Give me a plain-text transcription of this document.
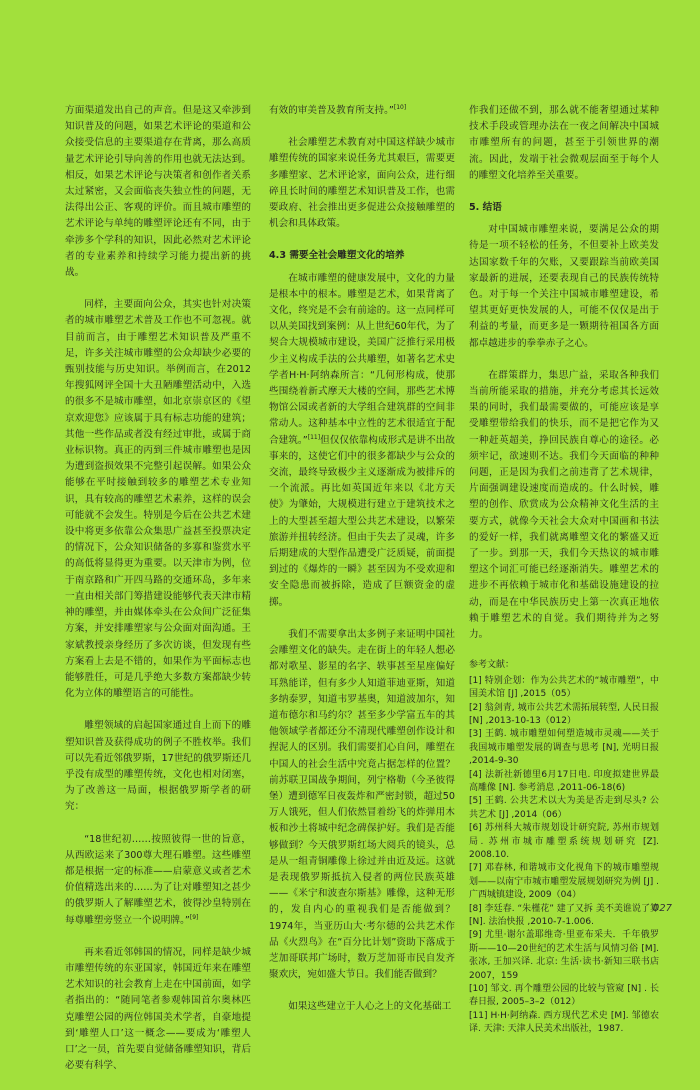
方面渠道发出自己的声音。但是这又牵涉到知识普及的问题，如果艺术评论的渠道和公众接受信息的主要渠道存在背离，那么高质量艺术评论引导向善的作用也就无法达到。相反，如果艺术评论与决策者和创作者关系太过紧密，又会面临丧失独立性的问题，无法得出公正、客观的评价。而且城市雕塑的艺术评论与单纯的雕塑评论还有不同，由于牵涉多个学科的知识，因此必然对艺术评论者的专业素养和持续学习能力提出新的挑战。

同样，主要面向公众，其实也针对决策者的城市雕塑艺术普及工作也不可忽视。就目前而言，由于雕塑艺术知识普及严重不足，许多关注城市雕塑的公众却缺少必要的甄别技能与历史知识。举例而言，在2012年搜狐网评全国十大丑陋雕塑活动中，入选的很多不是城市雕塑，如北京崇京区的《望京欢迎您》应该属于具有标志功能的建筑；其他一些作品或者没有经过审批，或属于商业标识物。真正的丙到三件城市雕塑也是因为遭到盗损效果不完整引起误解。如果公众能够在平时接触到较多的雕塑艺术专业知识，具有较高的雕塑艺术素养，这样的误会可能就不会发生。特别是今后在公共艺术建设中将更多依靠公众集思广益甚至投票决定的情况下，公众知识储备的多寡和鉴赏水平的高低将显得更为重要。以天津市为例，位于南京路和广开四马路的交通环岛，多年来一直由相关部门筹措建设能够代表天津市精神的雕塑，并由媒体牵头在公众间广泛征集方案，并安排雕塑家与公众面对面沟通。王家斌教授亲身经历了多次访谈，但发现有些方案看上去是不错的，如果作为平面标志也能够胜任，可是几乎绝大多数方案都缺少转化为立体的雕塑语言的可能性。

雕塑领域的启起国家通过自上而下的雕塑知识普及获得成功的例子不胜枚举。我们可以先看近邻俄罗斯，17世纪的俄罗斯还几乎没有成型的雕塑传统，文化也相对闭塞，为了改善这一局面，根据俄罗斯学者的研究：

“18世纪初……按照彼得一世的旨意，从西欧运来了300尊大理石雕塑。这些雕塑都是根据一定的标准——启蒙意义或者艺术价值精选出来的……为了让对雕塑知之甚少的俄罗斯人了解雕塑艺术，彼得沙皇特别在每尊雕塑旁竖立一个说明牌。”[9]

再来看近邻韩国的情况，同样是缺少城市雕塑传统的东亚国家，韩国近年来在雕塑艺术知识的社会教育上走在中国前面，如学者指出的：“随同笔者参观韩国首尔奥林匹克雕塑公园的两位韩国美术学者，自豪地提到‘雕塑人口’这一概念——要成为‘雕塑人口’之一员，首先要自觉储备雕塑知识，背后必要有科学、

有效的审美普及教育所支持。”[10]

社会雕塑艺术教育对中国这样缺少城市雕塑传统的国家来说任务尤其艰巨，需要更多雕塑家、艺术评论家，面向公众，进行细碎且长时间的雕塑艺术知识普及工作，也需要政府、社会推出更多促进公众接触雕塑的机会和具体政策。

4.3 需要全社会雕塑文化的培养

在城市雕塑的健康发展中，文化的力量是根本中的根本。雕塑是艺术，如果背离了文化，终究是不会有前途的。这一点同样可以从美国找到案例：从上世纪60年代，为了契合大规模城市建设，美国广泛推行采用极少主义构成手法的公共雕塑，如著名艺术史学者H·H·阿纳森所言：“几何形构成，使那些围绕着新式摩天大楼的空间，那些艺术博物馆公园或者新的大学组合建筑群的空间非常动人。这种基本中立性的艺术很适宜于配合建筑。”[11]但仅仅依靠构成形式是讲不出故事来的，这使它们中的很多都缺少与公众的交流，最终导致极少主义逐渐成为被排斥的一个流派。再比如英国近年来以《北方天使》为肇始，大规模进行建立于建筑技术之上的大型甚至超大型公共艺术建设，以繁荣旅游并扭转经济。但由于失去了灵魂，许多后期建成的大型作品遭受广泛质疑，前面提到过的《爆炸的一瞬》甚至因为不受欢迎和安全隐患而被拆除，造成了巨额资金的虚掷。

我们不需要拿出太多例子来证明中国社会雕塑文化的缺失。走在街上的年轻人想必都对歌星、影星的名字、轶事甚至星座偏好耳熟能详，但有多少人知道菲迪亚斯，知道多纳泰罗，知道韦罗基奥，知道波加尔，知道布德尔和马约尔？甚至多少学富五车的其他领域学者都还分不清现代雕塑创作设计和捏泥人的区别。我们需要扪心自问，雕塑在中国人的社会生活中究竟占据怎样的位置？前苏联卫国战争期间，列宁格勒（今圣彼得堡）遭到德军日夜轰炸和严密封锁，超过50万人饿死，但人们依然冒着纷飞的炸弹用木板和沙土将城中纪念碑保护好。我们是否能够做到？今天俄罗斯红场大阅兵的镜头，总是从一组青铜雕像上徐过并由近及远。这就是表现俄罗斯抵抗入侵者的两位民族英雄——《米宁和波查尔斯基》雕像，这种无形的，发自内心的重视我们是否能做到？1974年，当亚历山大·考尔德的公共艺术作品《火烈鸟》在“百分比计划”资助下落成于芝加哥联邦广场时，数万芝加哥市民自发齐聚欢庆，宛如盛大节日。我们能否做到？

如果这些建立于人心之上的文化基础工

作我们还做不到，那么就不能奢望通过某种技术手段或管理办法在一夜之间解决中国城市雕塑所有的问题，甚至于引领世界的潮流。因此，发端于社会微观层面至于每个人的雕塑文化培养至关重要。

5. 结语

对中国城市雕塑来说，要满足公众的期待是一项不轻松的任务，不但要补上欧美发达国家数千年的欠账，又要跟踪当前欧美国家最新的进展，还要表现自己的民族传统特色。对于每一个关注中国城市雕塑建设，希望其更好更快发展的人，可能不仅仅是出于利益的考量，而更多是一颗期待祖国各方面都卓越进步的拳拳赤子之心。

在群策群力，集思广益，采取各种我们当前所能采取的措施，并充分考虑其长远效果的同时，我们最需要做的，可能应该是享受雕塑带给我们的快乐，而不是把它作为又一种赶英超美，挣回民族自尊心的途径。必须牢记，欲速则不达。我们今天面临的种种问题，正是因为我们之前违背了艺术规律，片面强调建设速度而造成的。什么时候，雕塑的创作、欣赏成为公众精神文化生活的主要方式，就像今天社会大众对中国画和书法的爱好一样，我们就离雕塑文化的繁盛又近了一步。到那一天，我们今天热议的城市雕塑这个词汇可能已经逐渐消失。雕塑艺术的进步不再依赖于城市化和基础设施建设的拉动，而是在中华民族历史上第一次真正地依赖于雕塑艺术的自觉。我们期待并为之努力。

参考文献：

[1] 特别企划：作为公共艺术的“城市雕塑”，中国美术馆 [J] ,2015（05）

[2] 翁剑青, 城市公共艺术需拓展转型, 人民日报 [N] ,2013-10-13（012）

[3] 王鹤. 城市雕塑如何塑造城市灵魂——关于我国城市雕塑发展的调查与思考 [N], 光明日报 ,2014-9-30

[4] 法新社新德里6月17日电. 印度拟建世界最高雕像 [N]. 参考消息 ,2011-06-18(6)

[5] 王鹤. 公共艺术以大为美是否走到尽头? 公共艺术 [J] ,2014（06）

[6] 苏州科大城市规划设计研究院, 苏州市规划局. 苏州市城市雕塑系统规划研究 [Z]. 2008.10.

[7] 邓春林, 和谐城市文化视角下的城市雕塑规划——以南宁市城市雕塑发展规划研究为例 [J] . 广西城镇建设, 2009（04）

[8] 李廷春. “朱槿花” 建了又拆 美不美谁说了算 [N]. 法治快报 ,2010-7-1.006.

[9] 尤里·谢尔盖耶维奇·里亚布采夫．千年俄罗斯——10—20世纪的艺术生活与风情习俗 [M]. 张冰, 王加兴译. 北京: 生活·读书·新知三联书店 2007，159

[10] 邹文. 再个雕塑公园的比较与管窥 [N] . 长春日报, 2005–3–2（012）

[11] H·H·阿纳森. 西方现代艺术史 [M]. 邹德农译. 天津: 天津人民美术出版社，1987.

027
